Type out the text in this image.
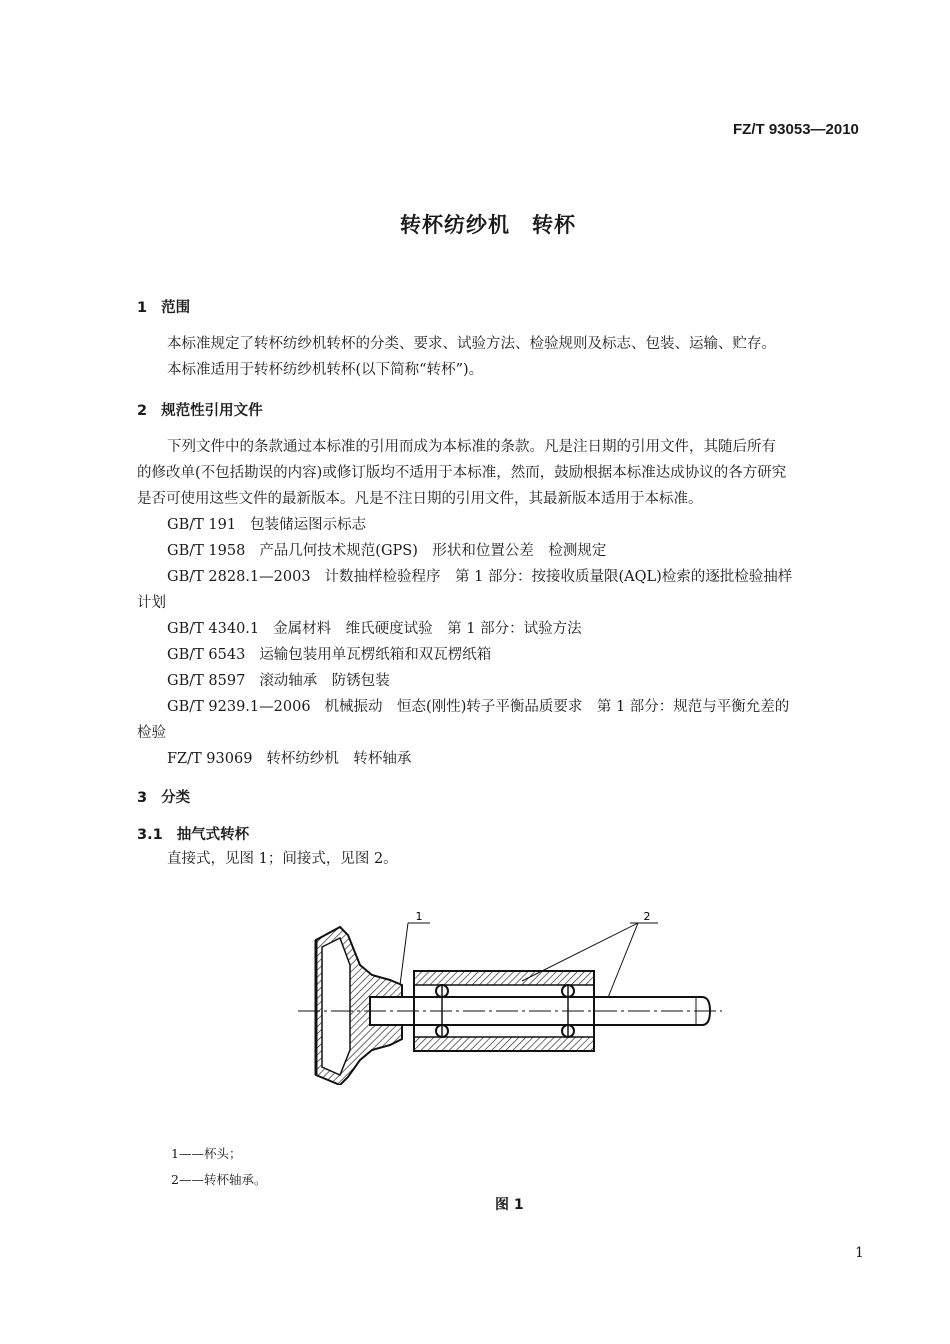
FZ/T 93053—2010
转杯纺纱机 转杯
1 范围
本标准规定了转杯纺纱机转杯的分类、要求、试验方法、检验规则及标志、包装、运输、贮存。
本标准适用于转杯纺纱机转杯(以下简称“转杯”)。
2 规范性引用文件
下列文件中的条款通过本标准的引用而成为本标准的条款。凡是注日期的引用文件，其随后所有
的修改单(不包括勘误的内容)或修订版均不适用于本标准，然而，鼓励根据本标准达成协议的各方研究
是否可使用这些文件的最新版本。凡是不注日期的引用文件，其最新版本适用于本标准。
GB/T 191 包装储运图示标志
GB/T 1958 产品几何技术规范(GPS)　形状和位置公差　检测规定
GB/T 2828.1—2003 计数抽样检验程序　第 1 部分：按接收质量限(AQL)检索的逐批检验抽样
计划
GB/T 4340.1 金属材料　维氏硬度试验　第 1 部分：试验方法
GB/T 6543 运输包装用单瓦楞纸箱和双瓦楞纸箱
GB/T 8597 滚动轴承　防锈包装
GB/T 9239.1—2006 机械振动　恒态(刚性)转子平衡品质要求　第 1 部分：规范与平衡允差的
检验
FZ/T 93069 转杯纺纱机　转杯轴承
3 分类
3.1 抽气式转杯
直接式，见图 1；间接式，见图 2。
1	2
1——杯头；
2——转杯轴承。
图 1
1
